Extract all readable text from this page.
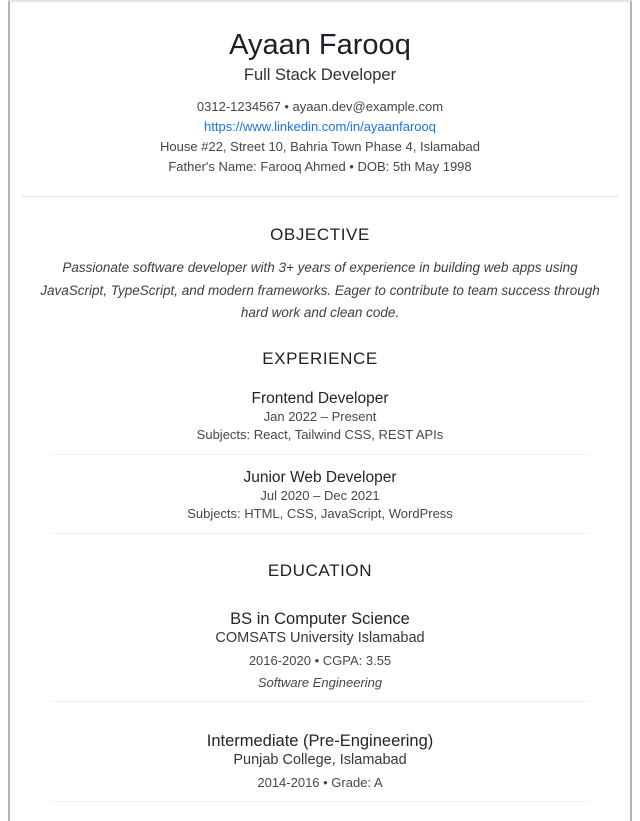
Ayaan Farooq
Full Stack Developer
0312-1234567 • ayaan.dev@example.com
https://www.linkedin.com/in/ayaanfarooq
House #22, Street 10, Bahria Town Phase 4, Islamabad
Father's Name: Farooq Ahmed • DOB: 5th May 1998
OBJECTIVE

Passionate software developer with 3+ years of experience in building web apps using JavaScript, TypeScript, and modern frameworks. Eager to contribute to team success through hard work and clean code.

EXPERIENCE
Frontend Developer
Jan 2022 – Present
Subjects: React, Tailwind CSS, REST APIs
Junior Web Developer
Jul 2020 – Dec 2021
Subjects: HTML, CSS, JavaScript, WordPress
EDUCATION
BS in Computer Science
COMSATS University Islamabad
2016-2020 • CGPA: 3.55
Software Engineering
Intermediate (Pre-Engineering)
Punjab College, Islamabad
2014-2016 • Grade: A
